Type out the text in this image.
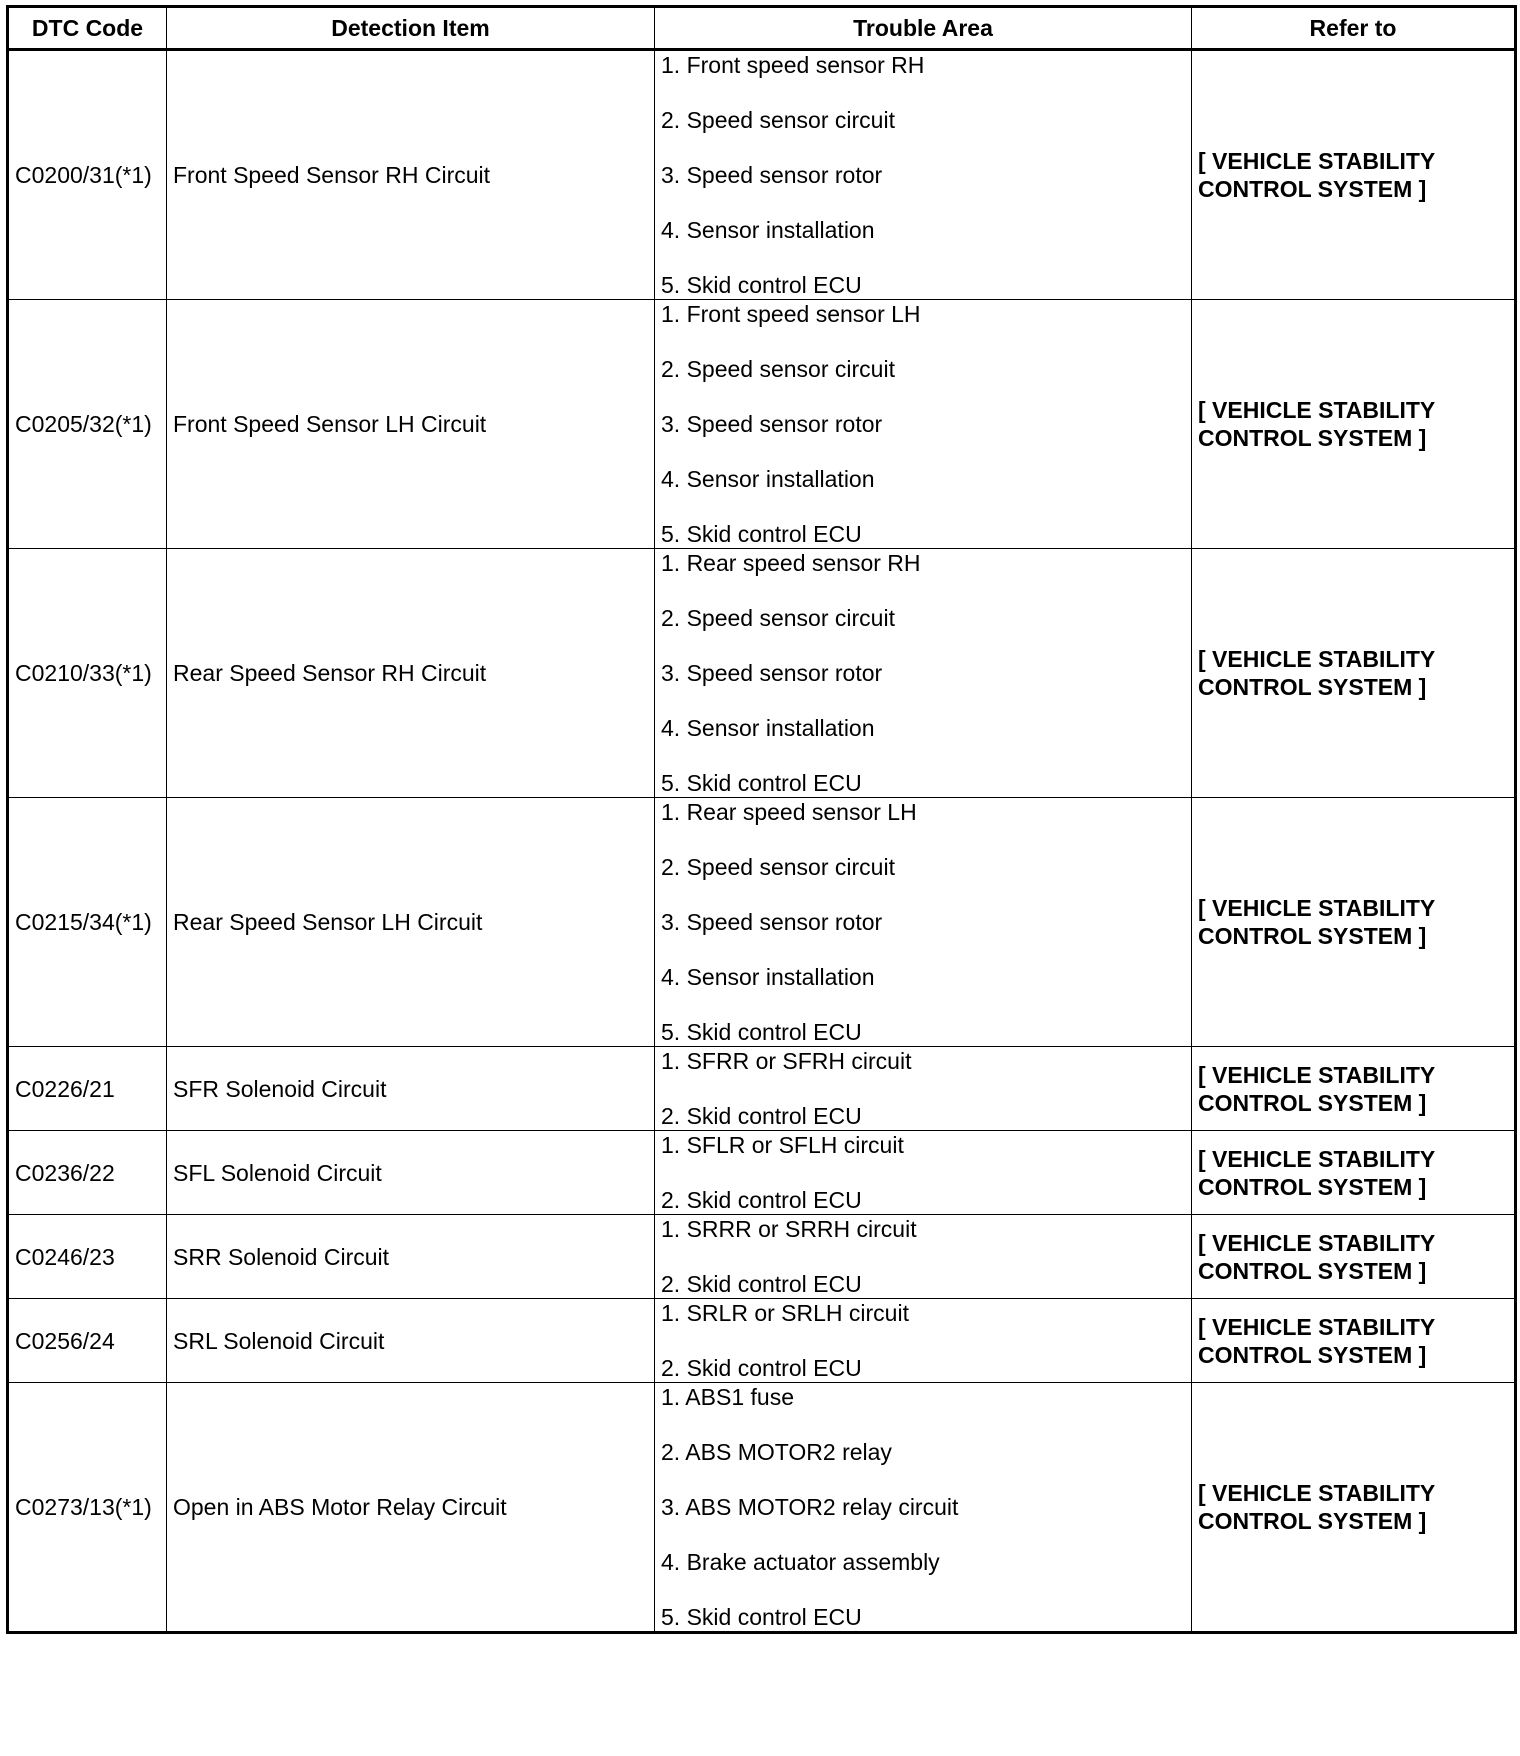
DTC Code	Detection Item	Trouble Area	Refer to
C0200/31(*1)	Front Speed Sensor RH Circuit	1. Front speed sensor RH
2. Speed sensor circuit
3. Speed sensor rotor
4. Sensor installation
5. Skid control ECU	[ VEHICLE STABILITY CONTROL SYSTEM ]
C0205/32(*1)	Front Speed Sensor LH Circuit	1. Front speed sensor LH
2. Speed sensor circuit
3. Speed sensor rotor
4. Sensor installation
5. Skid control ECU	[ VEHICLE STABILITY CONTROL SYSTEM ]
C0210/33(*1)	Rear Speed Sensor RH Circuit	1. Rear speed sensor RH
2. Speed sensor circuit
3. Speed sensor rotor
4. Sensor installation
5. Skid control ECU	[ VEHICLE STABILITY CONTROL SYSTEM ]
C0215/34(*1)	Rear Speed Sensor LH Circuit	1. Rear speed sensor LH
2. Speed sensor circuit
3. Speed sensor rotor
4. Sensor installation
5. Skid control ECU	[ VEHICLE STABILITY CONTROL SYSTEM ]
C0226/21	SFR Solenoid Circuit	1. SFRR or SFRH circuit
2. Skid control ECU	[ VEHICLE STABILITY CONTROL SYSTEM ]
C0236/22	SFL Solenoid Circuit	1. SFLR or SFLH circuit
2. Skid control ECU	[ VEHICLE STABILITY CONTROL SYSTEM ]
C0246/23	SRR Solenoid Circuit	1. SRRR or SRRH circuit
2. Skid control ECU	[ VEHICLE STABILITY CONTROL SYSTEM ]
C0256/24	SRL Solenoid Circuit	1. SRLR or SRLH circuit
2. Skid control ECU	[ VEHICLE STABILITY CONTROL SYSTEM ]
C0273/13(*1)	Open in ABS Motor Relay Circuit	1. ABS1 fuse
2. ABS MOTOR2 relay
3. ABS MOTOR2 relay circuit
4. Brake actuator assembly
5. Skid control ECU	[ VEHICLE STABILITY CONTROL SYSTEM ]
